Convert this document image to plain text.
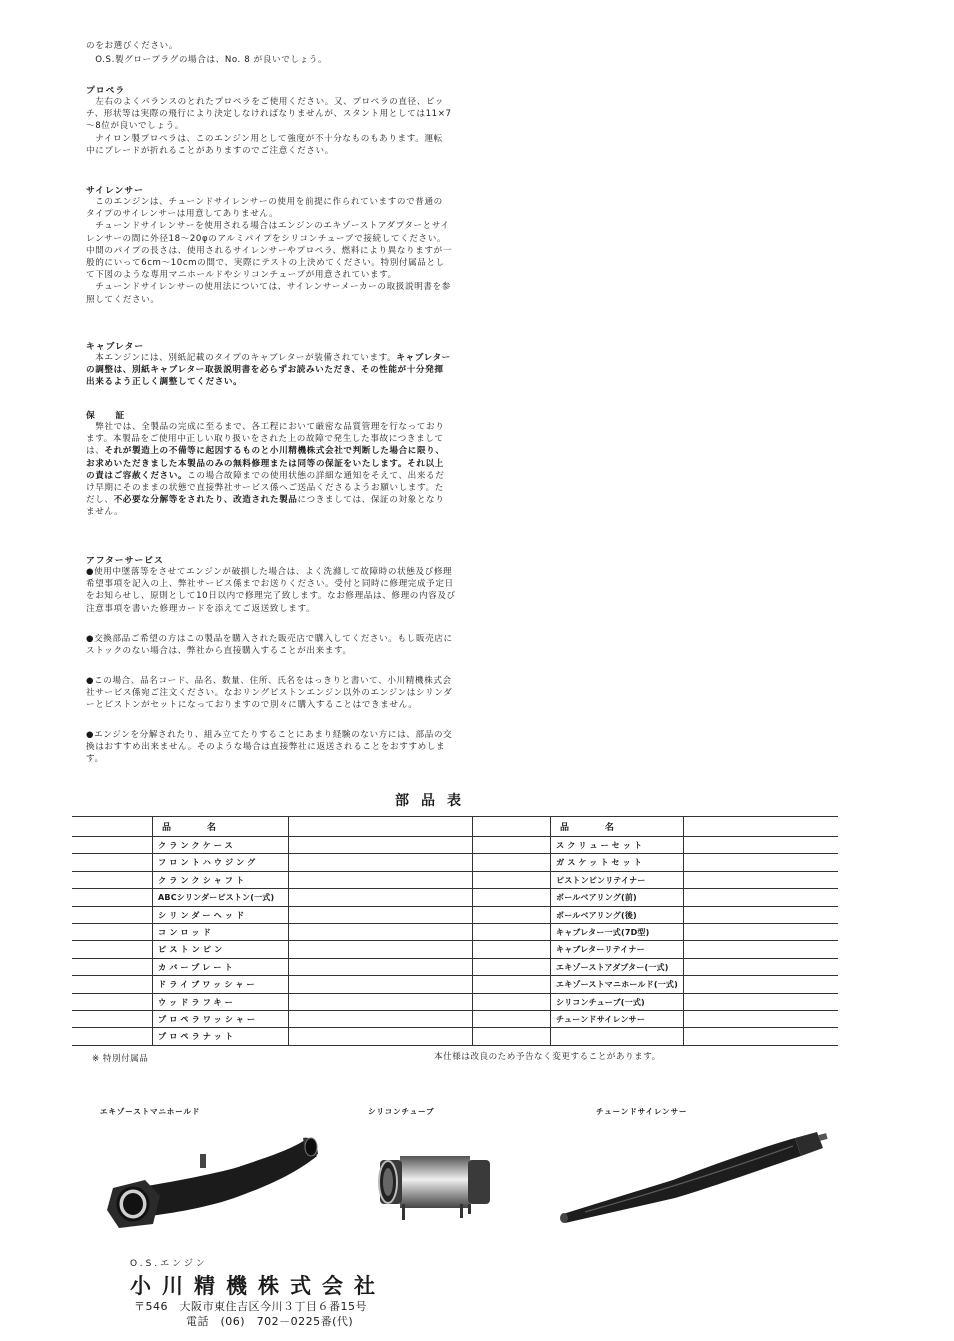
のをお選びください。
　O.S.製グロープラグの場合は、No. 8 が良いでしょう。
プロペラ
　左右のよくバランスのとれたプロペラをご使用ください。又、プロペラの直径、ピッチ、形状等は実際の飛行により決定しなければなりませんが、スタント用としては11×7～8位が良いでしょう。
　ナイロン製プロペラは、このエンジン用として強度が不十分なものもあります。運転中にブレードが折れることがありますのでご注意ください。
サイレンサー
　このエンジンは、チューンドサイレンサーの使用を前提に作られていますので普通のタイプのサイレンサーは用意してありません。
　チューンドサイレンサーを使用される場合はエンジンのエキゾーストアダプターとサイレンサーの間に外径18～20φのアルミパイプをシリコンチューブで接続してください。中間のパイプの長さは、使用されるサイレンサーやプロペラ、燃料により異なりますが一般的にいって6cm～10cmの間で、実際にテストの上決めてください。特別付属品として下図のような専用マニホールドやシリコンチューブが用意されています。
　チューンドサイレンサーの使用法については、サイレンサーメーカーの取扱説明書を参照してください。
キャブレター
　本エンジンには、別紙記載のタイプのキャブレターが装備されています。キャブレターの調整は、別紙キャブレター取扱説明書を必らずお読みいただき、その性能が十分発揮出来るよう正しく調整してください。
保　　証
　弊社では、全製品の完成に至るまで、各工程において厳密な品質管理を行なっております。本製品をご使用中正しい取り扱いをされた上の故障で発生した事故につきましては、それが製造上の不備等に起因するものと小川精機株式会社で判断した場合に限り、お求めいただきました本製品のみの無料修理または同等の保証をいたします。それ以上の責はご容赦ください。この場合故障までの使用状態の詳細な通知をそえて、出来るだけ早期にそのままの状態で直接弊社サービス係へご送品くださるようお願いします。ただし、不必要な分解等をされたり、改造された製品につきましては、保証の対象となりません。
アフターサービス
●使用中墜落等をさせてエンジンが破損した場合は、よく洗滌して故障時の状態及び修理希望事項を記入の上、弊社サービス係までお送りください。受付と同時に修理完成予定日をお知らせし、原則として10日以内で修理完了致します。なお修理品は、修理の内容及び注意事項を書いた修理カードを添えてご返送致します。
●交換部品ご希望の方はこの製品を購入された販売店で購入してください。もし販売店にストックのない場合は、弊社から直接購入することが出来ます。
●この場合、品名コード、品名、数量、住所、氏名をはっきりと書いて、小川精機株式会社サービス係宛ご注文ください。なおリングピストンエンジン以外のエンジンはシリンダーとピストンがセットになっておりますので別々に購入することはできません。
●エンジンを分解されたり、組み立てたりすることにあまり経験のない方には、部品の交換はおすすめ出来ません。そのような場合は直接弊社に返送されることをおすすめします。
部品表
品　　　　名	品　　　　名
クランクケース	スクリューセット
フロントハウジング	ガスケットセット
クランクシャフト	ピストンピンリテイナー
ABCシリンダーピストン(一式)	ボールベアリング(前)
シリンダーヘッド	ボールベアリング(後)
コンロッド	キャブレター一式(7D型)
ピストンピン	キャブレターリテイナー
カバープレート	エキゾーストアダプター(一式)
ドライブワッシャー	エキゾーストマニホールド(一式)
ウッドラフキー	シリコンチューブ(一式)
プロペラワッシャー	チューンドサイレンサー
プロペラナット
※ 特別付属品	本仕様は改良のため予告なく変更することがあります。
エキゾーストマニホールド	シリコンチューブ	チューンドサイレンサー
O.S.エンジン
小川精機株式会社
〒546　大阪市東住吉区今川３丁目６番15号
電話　(06)　702－0225番(代)
